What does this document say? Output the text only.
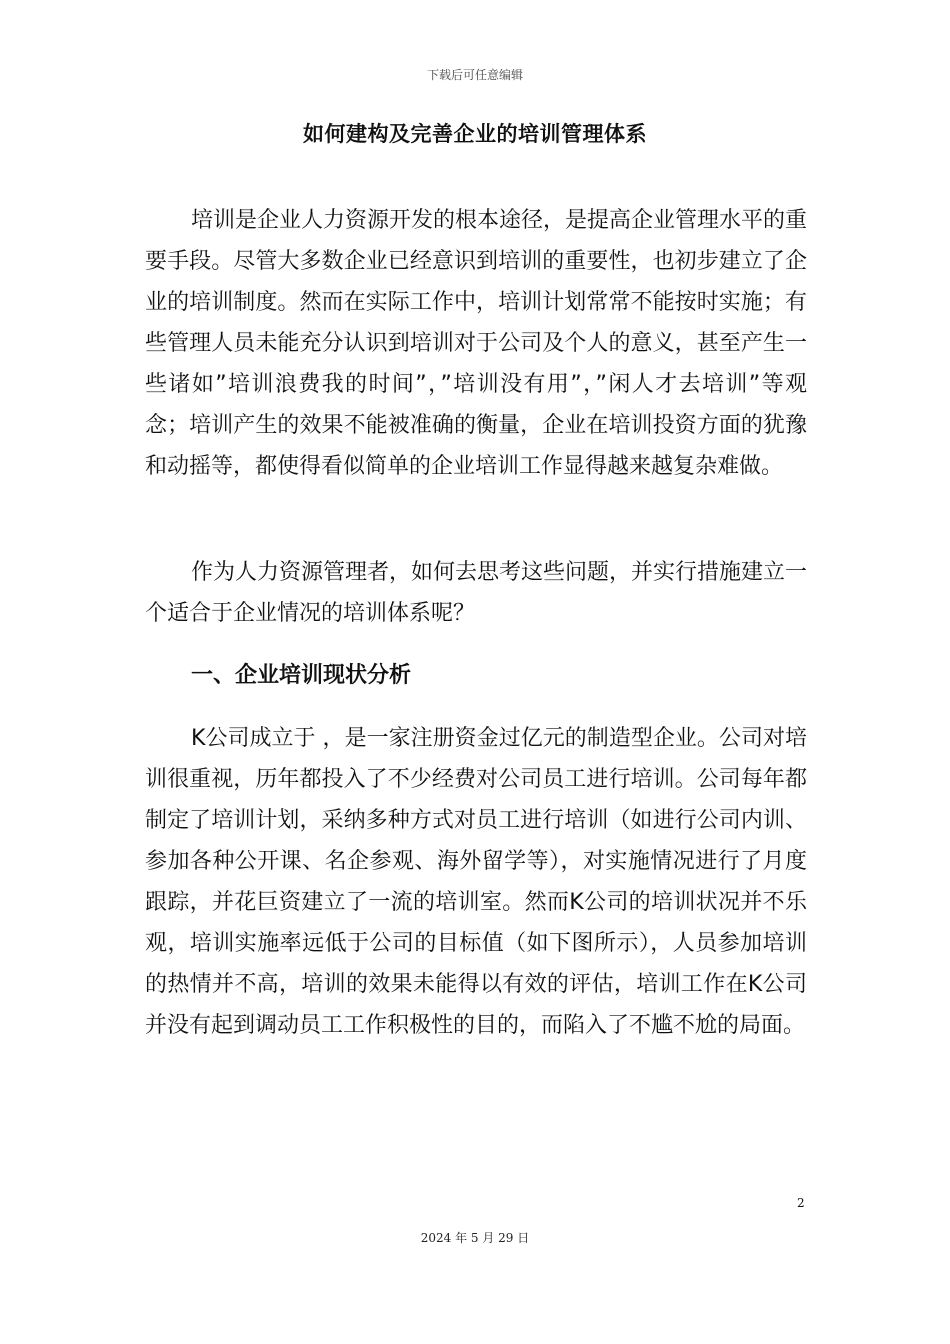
下载后可任意编辑
如何建构及完善企业的培训管理体系

培训是企业人力资源开发的根本途径，是提高企业管理水平的重要手段。尽管大多数企业已经意识到培训的重要性，也初步建立了企业的培训制度。然而在实际工作中，培训计划常常不能按时实施；有些管理人员未能充分认识到培训对于公司及个人的意义，甚至产生一些诸如”培训浪费我的时间”，”培训没有用”，”闲人才去培训”等观念；培训产生的效果不能被准确的衡量，企业在培训投资方面的犹豫和动摇等，都使得看似简单的企业培训工作显得越来越复杂难做。

作为人力资源管理者，如何去思考这些问题，并实行措施建立一个适合于企业情况的培训体系呢？

一、企业培训现状分析

K公司成立于 ，是一家注册资金过亿元的制造型企业。公司对培训很重视，历年都投入了不少经费对公司员工进行培训。公司每年都制定了培训计划，采纳多种方式对员工进行培训（如进行公司内训、参加各种公开课、名企参观、海外留学等），对实施情况进行了月度跟踪，并花巨资建立了一流的培训室。然而K公司的培训状况并不乐观，培训实施率远低于公司的目标值（如下图所示），人员参加培训的热情并不高，培训的效果未能得以有效的评估，培训工作在K公司并没有起到调动员工工作积极性的目的，而陷入了不尴不尬的局面。

2
2024 年 5 月 29 日
